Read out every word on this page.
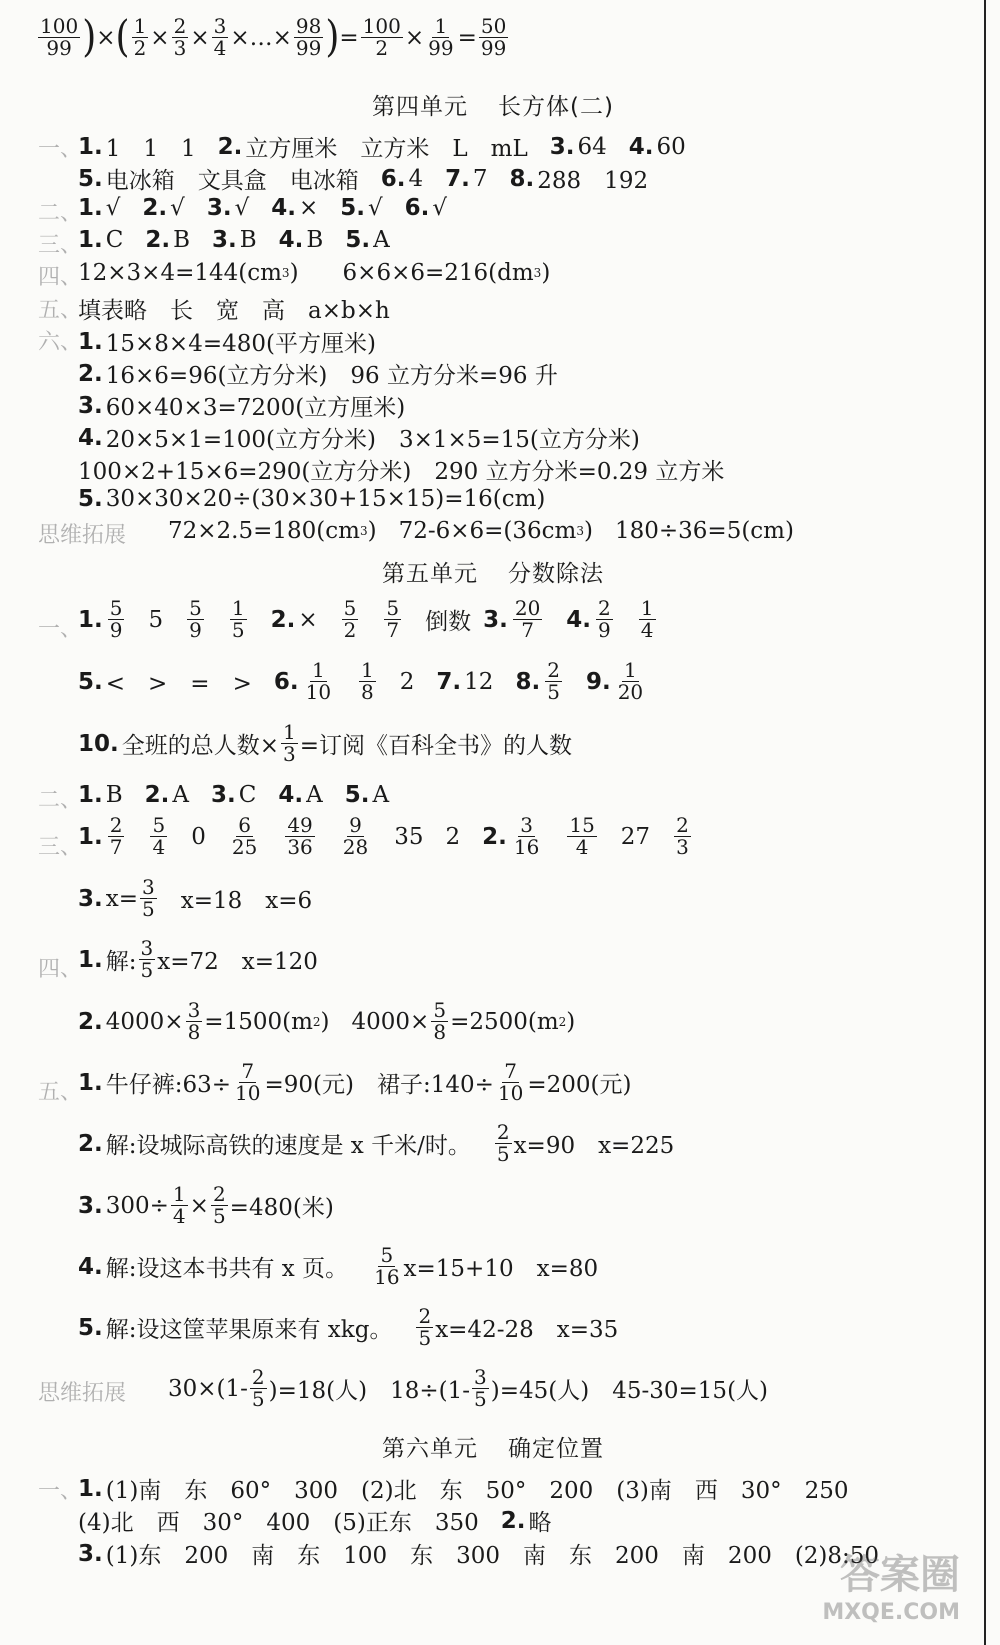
$\frac{100}{99}$ ) × ( $\frac{1}{2} \times \frac{2}{3} \times \frac{3}{4}$ ×…× $\frac{98}{99}$ ) = $\frac{100}{2} \times \frac{1}{99} = \frac{50}{99}$
第四单元 长方体(二)
一、
1. 1　1　1 2. 立方厘米　立方米　L　mL 3. 64 4. 60
5. 电冰箱　文具盒　电冰箱 6. 4 7. 7 8. 288　192
二、
1. √ 2. √ 3. √ 4. × 5. √ 6. √
三、
1. C 2. B 3. B 4. B 5. A
四、
12×3×4=144(cm 3 ) 6×6×6=216(dm 3 )
五、
填表略　长　宽　高　a×b×h
六、
1. 15×8×4=480(平方厘米)
2. 16×6=96(立方分米)　96 立方分米=96 升
3. 60×40×3=7200(立方厘米)
4. 20×5×1=100(立方分米)　3×1×5=15(立方分米)
100×2+15×6=290(立方分米)　290 立方分米=0.29 立方米
5. 30×30×20÷(30×30+15×15)=16(cm)
思维拓展 72×2.5=180(cm 3 ) 72-6×6=(36cm 3 ) 180÷36=5(cm)
第五单元 分数除法
一、
1. $\frac{5}{9} 5 \frac{5}{9} \frac{1}{5} 2$. × $\frac{5}{2} \frac{5}{7}$ 倒数 3. $\frac{20}{7} 4$. $\frac{2}{9} \frac{1}{4}$
5. <　>　=　> 6. $\frac{1}{10} \frac{1}{8} 2$ 7. 12 8. $\frac{2}{5} 9$. $\frac{1}{20}$
10. 全班的总人数× $\frac{1}{3}$ =订阅《百科全书》的人数
二、
1. B 2. A 3. C 4. A 5. A
三、
1. $\frac{2}{7} \frac{5}{4} 0 \frac{6}{25} \frac{49}{36} \frac{9}{28} 35$ 2 2. $\frac{3}{16} \frac{15}{4} 27 \frac{2}{3}$
3. $x= \frac{3}{5} x=18$　x=6
四、
1. 解: $\frac{3}{5} x=72$　x=120
2. $4000\times \frac{3}{8} =1500(m$ 2 ) $4000\times \frac{5}{8} =2500(m$ 2 )
五、
1. 牛仔裤:63÷ $\frac{7}{10} =90$(元)　裙子:140÷ $\frac{7}{10} =200$(元)
2. 解:设城际高铁的速度是 x 千米/时。 $\frac{2}{5} x=90$　x=225
3. $300\div \frac{1}{4} \times \frac{2}{5} =480$(米)
4. 解:设这本书共有 x 页。 $\frac{5}{16} x=15+10$　x=80
5. 解:设这筐苹果原来有 xkg。 $\frac{2}{5} x=42-28$　x=35
思维拓展 $30\times(1- \frac{2}{5} )=18$(人)　$18\div(1- \frac{3}{5} )=45$(人)　45-30=15(人)
第六单元 确定位置
一、
1. (1)南　东　60°　300　(2)北　东　50°　200　(3)南　西　30°　250
(4)北　西　30°　400　(5)正东　350 2. 略
3. (1)东　200　南　东　100　东　300　南　东　200　南　200　(2)8:50
答案圈
MXQE.COM
